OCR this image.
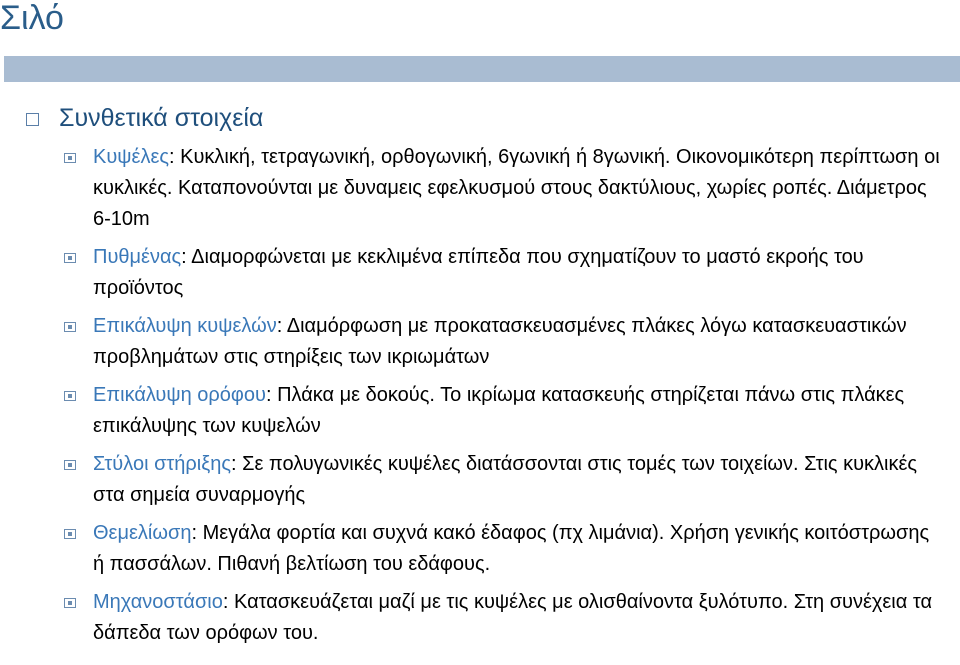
Σιλό
Συνθετικά στοιχεία
Κυψέλες: Κυκλική, τετραγωνική, ορθογωνική, 6γωνική ή 8γωνική. Οικονομικότερη περίπτωση οι κυκλικές. Καταπονούνται με δυναμεις εφελκυσμού στους δακτύλιους, χωρίες ροπές. Διάμετρος 6-10m
Πυθμένας: Διαμορφώνεται με κεκλιμένα επίπεδα που σχηματίζουν το μαστό εκροής του προϊόντος
Επικάλυψη κυψελών: Διαμόρφωση με προκατασκευασμένες πλάκες λόγω κατασκευαστικών προβλημάτων στις στηρίξεις των ικριωμάτων
Επικάλυψη ορόφου: Πλάκα με δοκούς. Το ικρίωμα κατασκευής στηρίζεται πάνω στις πλάκες επικάλυψης των κυψελών
Στύλοι στήριξης: Σε πολυγωνικές κυψέλες διατάσσονται στις τομές των τοιχείων. Στις κυκλικές στα σημεία συναρμογής
Θεμελίωση: Μεγάλα φορτία και συχνά κακό έδαφος (πχ λιμάνια). Χρήση γενικής κοιτόστρωσης ή πασσάλων. Πιθανή βελτίωση του εδάφους.
Μηχανοστάσιο: Κατασκευάζεται μαζί με τις κυψέλες με ολισθαίνοντα ξυλότυπο. Στη συνέχεια τα δάπεδα των ορόφων του.
